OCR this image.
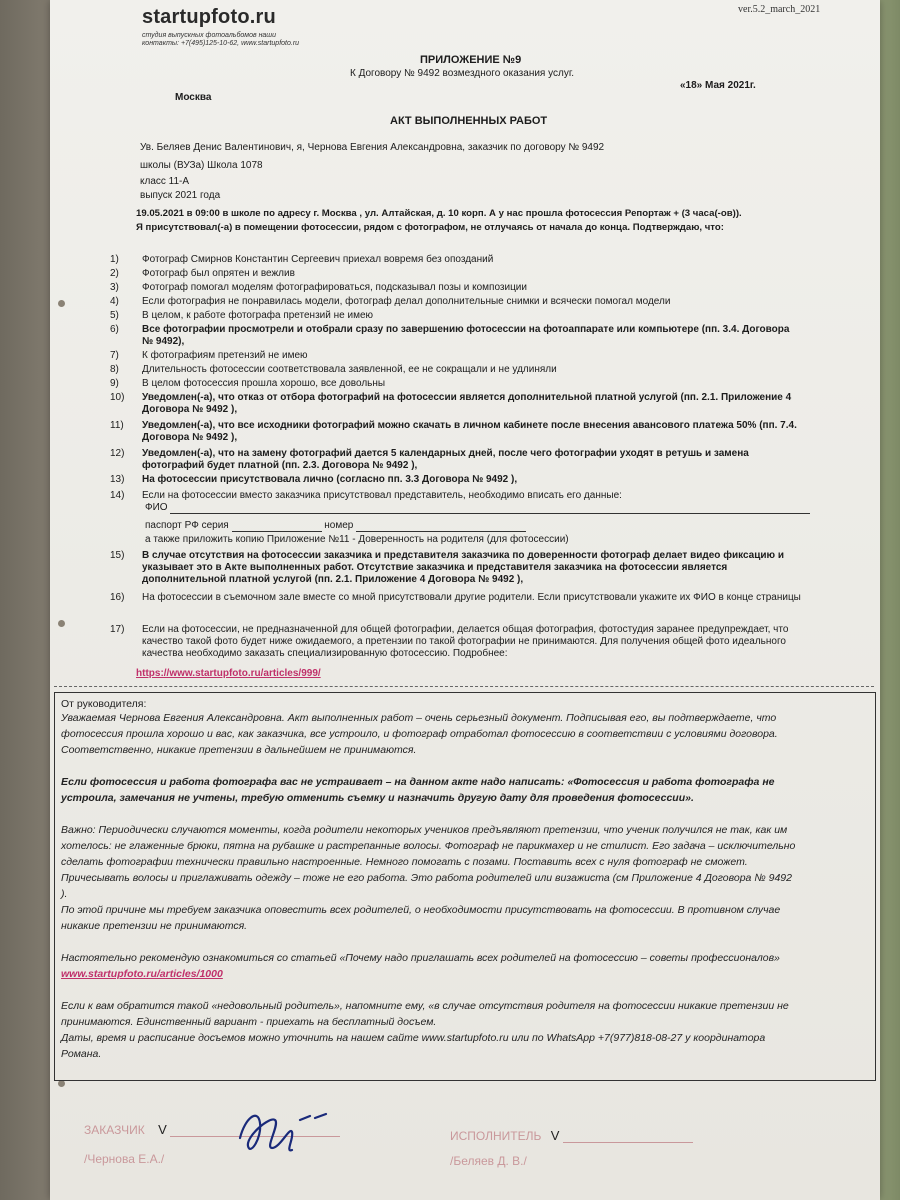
startupfoto.ru
студия выпускных фотоальбомов наши контакты: +7(495)125-10-62, www.startupfoto.ru
ver.5.2_march_2021
ПРИЛОЖЕНИЕ №9
К Договору № 9492 возмездного оказания услуг.
Москва
«18» Мая 2021г.
АКТ ВЫПОЛНЕННЫХ РАБОТ
Ув. Беляев Денис Валентинович, я, Чернова Евгения Александровна, заказчик по договору № 9492
школы (ВУЗа) Школа 1078
класс 11-А
выпуск 2021 года
19.05.2021 в 09:00 в школе по адресу г. Москва , ул. Алтайская, д. 10 корп. А у нас прошла фотосессия Репортаж + (3 часа(-ов)).
Я присутствовал(-а) в помещении фотосессии, рядом с фотографом, не отлучаясь от начала до конца. Подтверждаю, что:
1) Фотограф Смирнов Константин Сергеевич приехал вовремя без опозданий
2) Фотограф был опрятен и вежлив
3) Фотограф помогал моделям фотографироваться, подсказывал позы и композиции
4) Если фотография не понравилась модели, фотограф делал дополнительные снимки и всячески помогал модели
5) В целом, к работе фотографа претензий не имею
6) Все фотографии просмотрели и отобрали сразу по завершению фотосессии на фотоаппарате или компьютере (пп. 3.4. Договора № 9492),
7) К фотографиям претензий не имею
8) Длительность фотосессии соответствовала заявленной, ее не сокращали и не удлиняли
9) В целом фотосессия прошла хорошо, все довольны
10) Уведомлен(-а), что отказ от отбора фотографий на фотосессии является дополнительной платной услугой (пп. 2.1. Приложение 4 Договора № 9492 ),
11) Уведомлен(-а), что все исходники фотографий можно скачать в личном кабинете после внесения авансового платежа 50% (пп. 7.4. Договора № 9492 ),
12) Уведомлен(-а), что на замену фотографий дается 5 календарных дней, после чего фотографии уходят в ретушь и замена фотографий будет платной (пп. 2.3. Договора № 9492 ),
13) На фотосессии присутствовала лично (согласно пп. 3.3 Договора № 9492 ),
14) Если на фотосессии вместо заказчика присутствовал представитель, необходимо вписать его данные:
ФИО
паспорт РФ серия	номер
а также приложить копию Приложение №11 - Доверенность на родителя (для фотосессии)
15) В случае отсутствия на фотосессии заказчика и представителя заказчика по доверенности фотограф делает видео фиксацию и указывает это в Акте выполненных работ. Отсутствие заказчика и представителя заказчика на фотосессии является дополнительной платной услугой (пп. 2.1. Приложение 4 Договора № 9492 ),
16) На фотосессии в съемочном зале вместе со мной присутствовали другие родители. Если присутствовали укажите их ФИО в конце страницы
17) Если на фотосессии, не предназначенной для общей фотографии, делается общая фотография, фотостудия заранее предупреждает, что качество такой фото будет ниже ожидаемого, а претензии по такой фотографии не принимаются. Для получения общей фото идеального качества необходимо заказать специализированную фотосессию. Подробнее:
https://www.startupfoto.ru/articles/999/
От руководителя:
Уважаемая Чернова Евгения Александровна. Акт выполненных работ – очень серьезный документ. Подписывая его, вы подтверждаете, что фотосессия прошла хорошо и вас, как заказчика, все устроило, и фотограф отработал фотосессию в соответствии с условиями договора. Соответственно, никакие претензии в дальнейшем не принимаются.
Если фотосессия и работа фотографа вас не устраивает – на данном акте надо написать: «Фотосессия и работа фотографа не устроила, замечания не учтены, требую отменить съемку и назначить другую дату для проведения фотосессии».
Важно: Периодически случаются моменты, когда родители некоторых учеников предъявляют претензии, что ученик получился не так, как им хотелось: не глаженные брюки, пятна на рубашке и растрепанные волосы. Фотограф не парикмахер и не стилист. Его задача – исключительно сделать фотографии технически правильно настроенные. Немного помогать с позами. Поставить всех с нуля фотограф не сможет. Причесывать волосы и приглаживать одежду – тоже не его работа. Это работа родителей или визажиста (см Приложение 4 Договора № 9492 ).
По этой причине мы требуем заказчика оповестить всех родителей, о необходимости присутствовать на фотосессии. В противном случае никакие претензии не принимаются.
Настоятельно рекомендую ознакомиться со статьей «Почему надо приглашать всех родителей на фотосессию – советы профессионалов» www.startupfoto.ru/articles/1000
Если к вам обратится такой «недовольный родитель», напомните ему, «в случае отсутствия родителя на фотосессии никакие претензии не принимаются. Единственный вариант - приехать на бесплатный досъем.
Даты, время и расписание досъемов можно уточнить на нашем сайте www.startupfoto.ru или по WhatsApp +7(977)818-08-27 у координатора Романа.
ЗАКАЗЧИК V
/Чернова Е.А./
ИСПОЛНИТЕЛЬ V
/Беляев Д. В./
